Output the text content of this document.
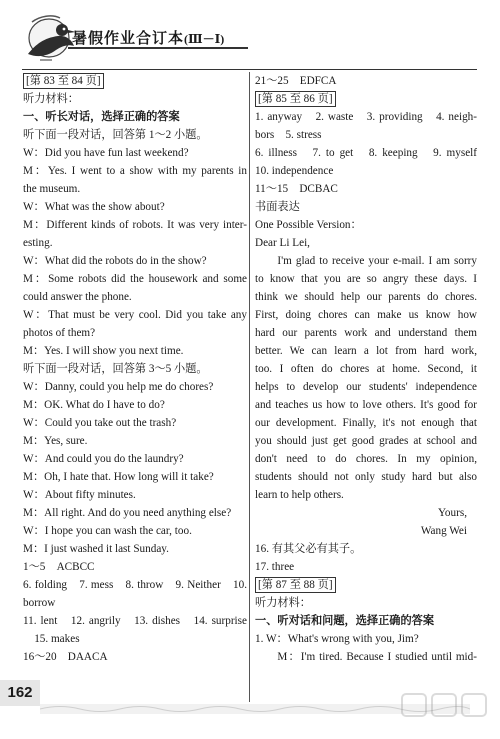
暑假作业合订本(Ⅲ－Ⅰ)
[第 83 至 84 页]
听力材料：
一、听长对话，选择正确的答案
听下面一段对话，回答第 1～2 小题。
W：Did you have fun last weekend?
M：Yes. I went to a show with my parents in
the museum.
W：What was the show about?
M：Different kinds of robots. It was very inter-
esting.
W：What did the robots do in the show?
M：Some robots did the housework and some
could answer the phone.
W：That must be very cool. Did you take any
photos of them?
M：Yes. I will show you next time.
听下面一段对话，回答第 3～5 小题。
W：Danny, could you help me do chores?
M：OK. What do I have to do?
W：Could you take out the trash?
M：Yes, sure.
W：And could you do the laundry?
M：Oh, I hate that. How long will it take?
W：About fifty minutes.
M：All right. And do you need anything else?
W：I hope you can wash the car, too.
M：I just washed it last Sunday.
1～5　ACBCC
6. folding　7. mess　8. throw　9. Neither　10.
borrow
11. lent　12. angrily　13. dishes　14. surprise
　15. makes
16～20　DAACA
21～25　EDFCA
[第 85 至 86 页]
1. anyway　2. waste　3. providing　4. neigh-
bors　5. stress
6. illness　7. to get　8. keeping　9. myself
10. independence
11～15　DCBAC
书面表达
One Possible Version：
Dear Li Lei,
I'm glad to receive your e-mail. I am sorry
to know that you are so angry these days. I
think we should help our parents do chores.
First, doing chores can make us know how
hard our parents work and understand them
better. We can learn a lot from hard work,
too. I often do chores at home. Second, it
helps to develop our students' independence
and teaches us how to love others. It's good for
our development. Finally, it's not enough that
you should just get good grades at school and
don't need to do chores. In my opinion,
students should not only study hard but also
learn to help others.
Yours,
Wang Wei
16. 有其父必有其子。
17. three
[第 87 至 88 页]
听力材料：
一、听对话和问题，选择正确的答案
1. W：What's wrong with you, Jim?
M：I'm tired. Because I studied until mid-
162
